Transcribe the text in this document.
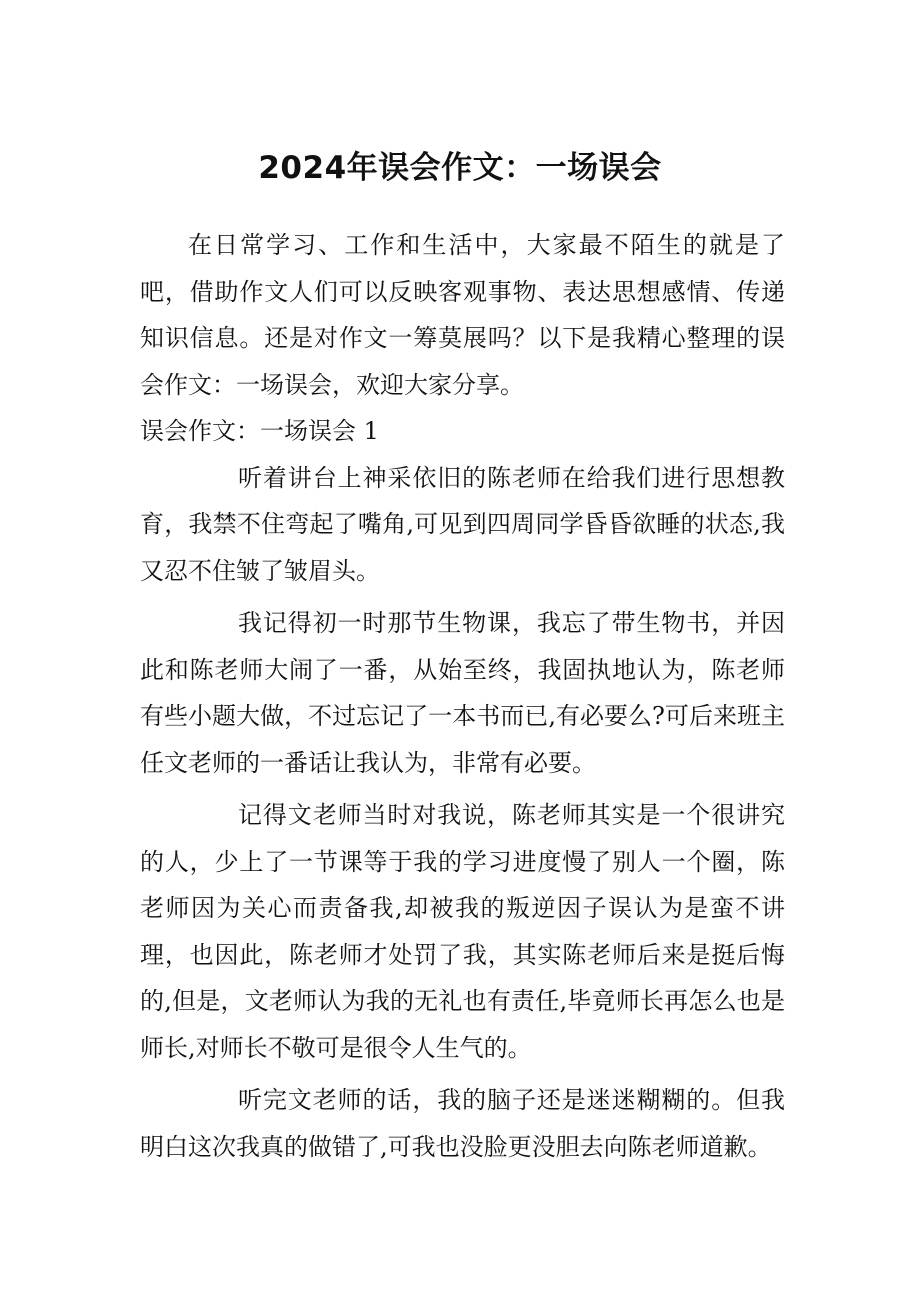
2024年误会作文：一场误会

在日常学习、工作和生活中，大家最不陌生的就是了吧，借助作文人们可以反映客观事物、表达思想感情、传递知识信息。还是对作文一筹莫展吗？以下是我精心整理的误会作文：一场误会，欢迎大家分享。

误会作文：一场误会 1

听着讲台上神采依旧的陈老师在给我们进行思想教育，我禁不住弯起了嘴角,可见到四周同学昏昏欲睡的状态,我又忍不住皱了皱眉头。

我记得初一时那节生物课，我忘了带生物书，并因此和陈老师大闹了一番，从始至终，我固执地认为，陈老师有些小题大做，不过忘记了一本书而已,有必要么?可后来班主任文老师的一番话让我认为，非常有必要。

记得文老师当时对我说，陈老师其实是一个很讲究的人，少上了一节课等于我的学习进度慢了别人一个圈，陈老师因为关心而责备我,却被我的叛逆因子误认为是蛮不讲理，也因此，陈老师才处罚了我，其实陈老师后来是挺后悔的,但是，文老师认为我的无礼也有责任,毕竟师长再怎么也是师长,对师长不敬可是很令人生气的。

听完文老师的话，我的脑子还是迷迷糊糊的。但我明白这次我真的做错了,可我也没脸更没胆去向陈老师道歉。
